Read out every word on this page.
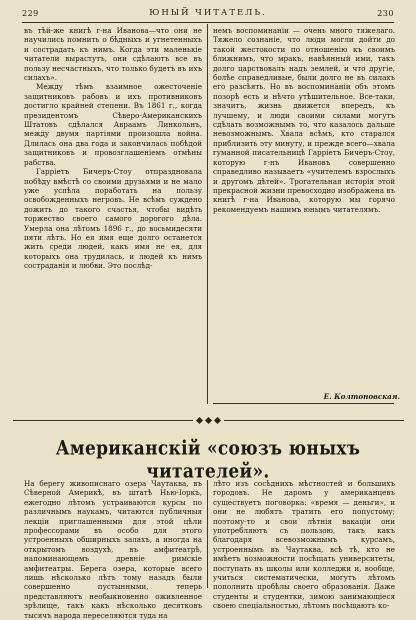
229	ЮНЫЙ ЧИТАТЕЛЬ.	230

въ тѣй-же книгѣ г-на Иванова—что они не научились помнить о бѣдныхъ и угнетенныхъ и сострадать къ нимъ. Когда эти маленькіе читатели вырастутъ, они сдѣлаютъ все въ пользу несчастныхъ, что только будетъ въ ихъ силахъ».

Между тѣмъ взаимное ожесточеніе защитниковъ рабовъ и ихъ противниковъ достигло крайней степени. Въ 1861 г., когда президентомъ Сѣверо-Американскихъ Штатовъ сдѣлался Авраамъ Линкольнъ, между двумя партіями произошла война. Длилась она два года и закончилась побѣдой защитниковъ и провозглашеніемъ отмѣны рабства.

Гарріетъ Бичеръ-Стоу отпраздновала побѣду вмѣстѣ со своими друзьями и не мало уже успѣла поработать на пользу освобожденныхъ негровъ. Не всѣмъ суждено дожить до такого счастья, чтобы видѣть торжество своего самого дорогого дѣла. Умерла она лѣтомъ 1896 г., до восьмидесяти пяти лѣтъ. Но ея имя еще долго останется жить среди людей, какъ имя не ея, для которыхъ она трудилась, и людей къ нимъ состраданія и любви. Это послѣд-

немъ воспоминаніи — очень много тяжелаго. Тяжело сознаніе, что люди могли дойти до такой жестокости по отношенію къ своимъ ближнимъ, что мракъ, навѣянный ими, такъ долго царствовалъ надъ землей, и что другіе, болѣе справедливые, были долго не въ силахъ его разсѣять. Но въ воспоминаніи объ этомъ позорѣ есть и нѣчто утѣшительное. Все-таки, значитъ, жизнь движется впередъ, къ лучшему, и люди своими силами могутъ сдѣлать возможнымъ то, что казалось дальше невозможнымъ. Хвала всѣмъ, кто старался приблизить эту минуту, и прежде всего—хвала гуманной писательницѣ Гарріетъ Бичеръ-Стоу, которую г-нъ Ивановъ совершенно справедливо называетъ «учителемъ взрослыхъ и другомъ дѣтей». Трогательная исторія этой прекрасной жизни превосходно изображена въ книгѣ г-на Иванова, которую мы горячо рекомендуемъ нашимъ юнымъ читателямъ.

Е. Колтоновская.
Американскій «союзъ юныхъ читателей».

На берегу живописнаго озера Чаутаква, въ Сѣверной Америкѣ, въ штатѣ Нью-Іоркъ, ежегодно лѣтомъ устраиваются курсы по различнымъ наукамъ, читаются публичныя лекціи приглашенными для этой цѣли профессорами въ особо для этого устроенныхъ обширныхъ залахъ, а иногда на открытомъ воздухѣ, въ амфитеатрѣ, напоминающемъ древніе римскіе амфитеатры. Берега озера, которые всего лишь нѣсколько лѣтъ тому назадъ были совершенно пустынными, теперь представляютъ необыкновенно оживленное зрѣлище, такъ какъ нѣсколько десятковъ тысячъ народа переселяются туда на

лѣто изъ сосѣднихъ мѣстностей и большихъ городовъ. Не даромъ у американцевъ существуетъ поговорка: «время — деньги», и они не любятъ тратить его попустому; поэтому-то и свои лѣтнія вакаціи они употребляютъ съ пользою, такъ какъ благодаря всевозможнымъ курсамъ, устроеннымъ въ Чаутаква, всѣ тѣ, кто не имѣетъ возможности посѣщать университеты, поступать въ школы или колледжи и, вообще, учиться систематически, могутъ лѣтомъ пополнить пробѣлы своего образованія. Даже студенты и студентки, зимою занимающіеся своею спеціальностью, лѣтомъ посѣщаютъ ко-
